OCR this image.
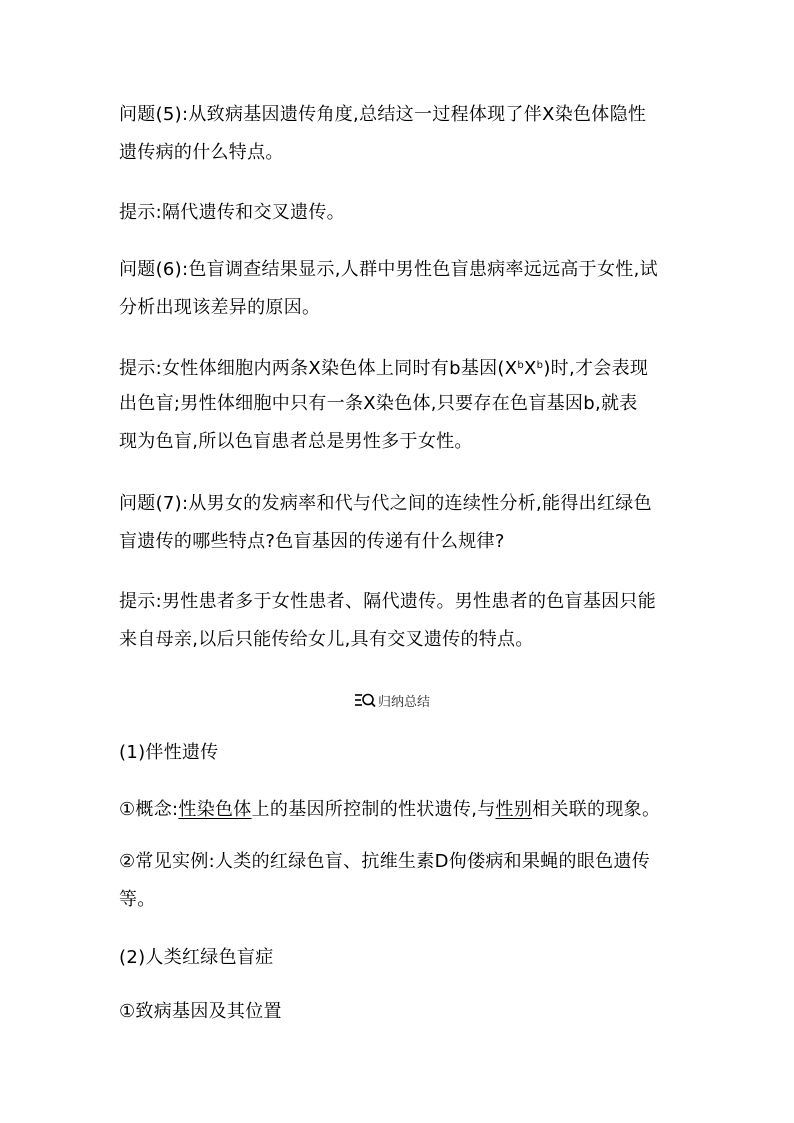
问题(5):从致病基因遗传角度,总结这一过程体现了伴X染色体隐性
遗传病的什么特点。
提示:隔代遗传和交叉遗传。
问题(6):色盲调查结果显示,人群中男性色盲患病率远远高于女性,试
分析出现该差异的原因。
提示:女性体细胞内两条X染色体上同时有b基因$(X^bX^b)$时,才会表现
出色盲;男性体细胞中只有一条X染色体,只要存在色盲基因b,就表
现为色盲,所以色盲患者总是男性多于女性。
问题(7):从男女的发病率和代与代之间的连续性分析,能得出红绿色
盲遗传的哪些特点?色盲基因的传递有什么规律?
提示:男性患者多于女性患者、隔代遗传。男性患者的色盲基因只能
来自母亲,以后只能传给女儿,具有交叉遗传的特点。
归纳总结
(1)伴性遗传
①概念:性染色体上的基因所控制的性状遗传,与性别相关联的现象。
②常见实例:人类的红绿色盲、抗维生素D佝偻病和果蝇的眼色遗传
等。
(2)人类红绿色盲症
①致病基因及其位置
